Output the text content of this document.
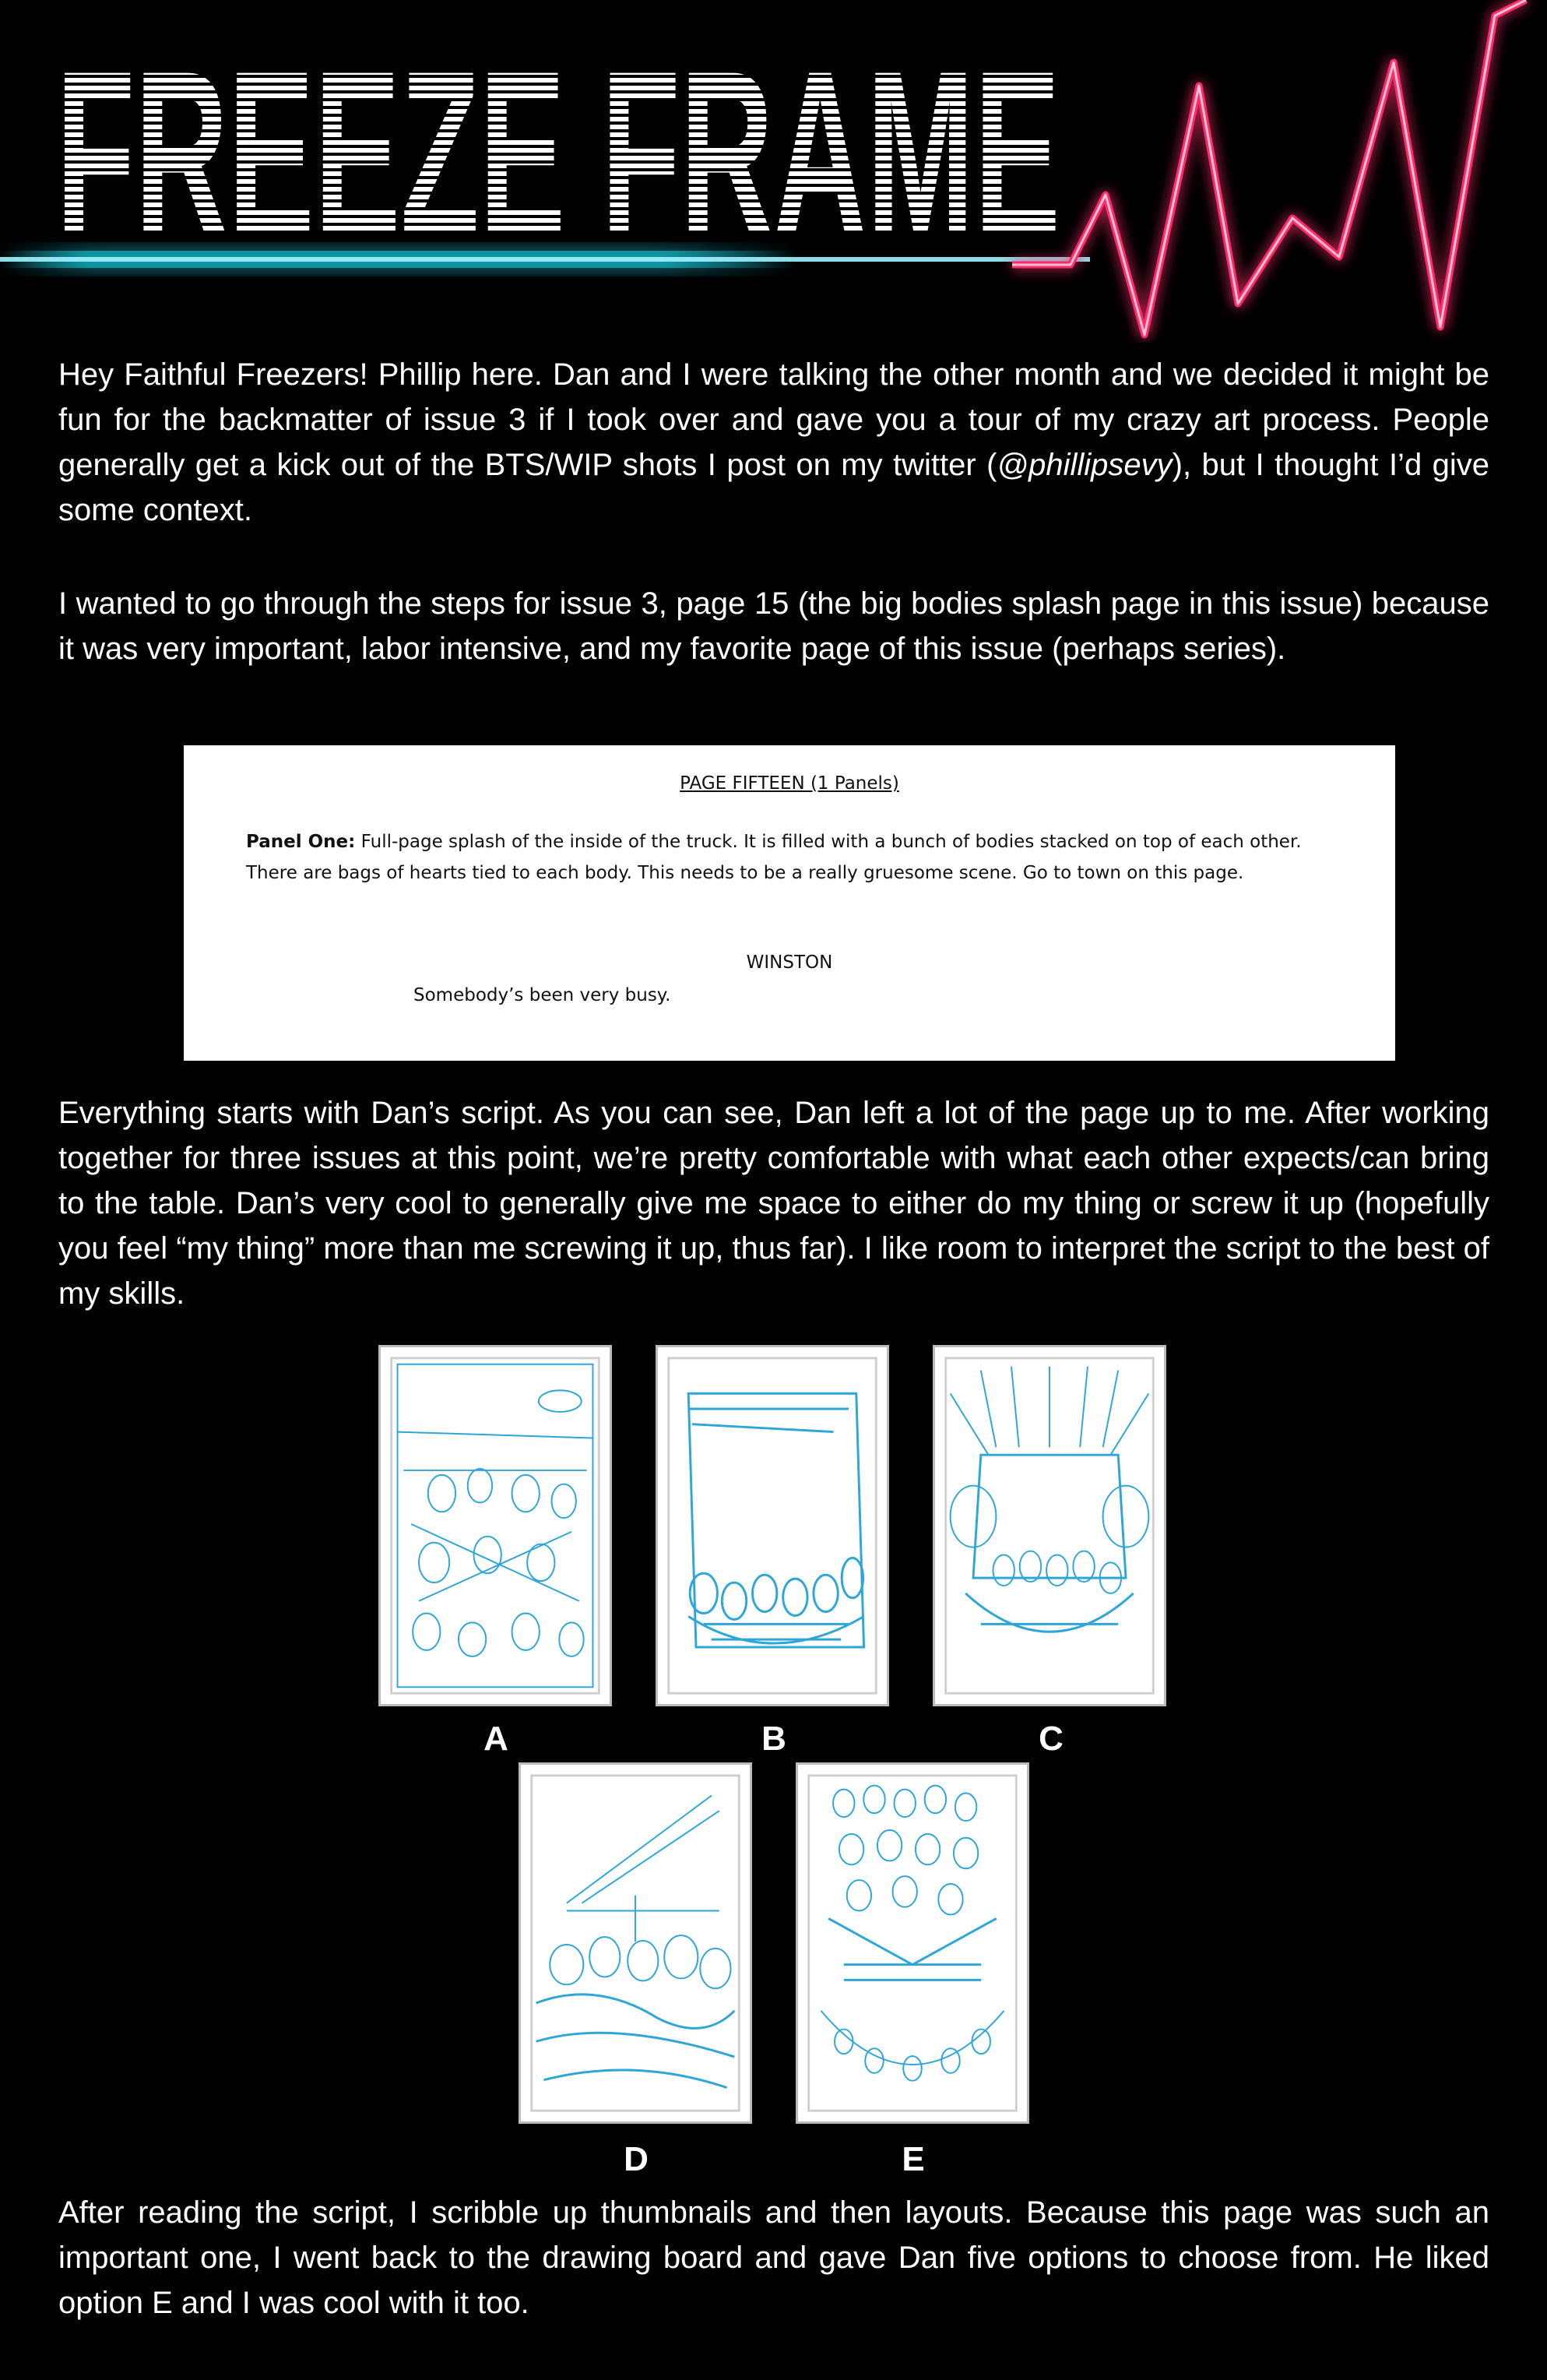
FREEZE FRAME

Hey Faithful Freezers! Phillip here. Dan and I were talking the other month and we decided it might be fun for the backmatter of issue 3 if I took over and gave you a tour of my crazy art process. People generally get a kick out of the BTS/WIP shots I post on my twitter (@phillipsevy), but I thought I’d give some context.

I wanted to go through the steps for issue 3, page 15 (the big bodies splash page in this issue) because it was very important, labor intensive, and my favorite page of this issue (perhaps series).

PAGE FIFTEEN (1 Panels)
Panel One: Full-page splash of the inside of the truck. It is filled with a bunch of bodies stacked on top of each other. There are bags of hearts tied to each body. This needs to be a really gruesome scene. Go to town on this page.
WINSTON
Somebody’s been very busy.

Everything starts with Dan’s script. As you can see, Dan left a lot of the page up to me. After working together for three issues at this point, we’re pretty comfortable with what each other expects/can bring to the table. Dan’s very cool to generally give me space to either do my thing or screw it up (hopefully you feel “my thing” more than me screwing it up, thus far). I like room to interpret the script to the best of my skills.

A	B	C
D	E

After reading the script, I scribble up thumbnails and then layouts. Because this page was such an important one, I went back to the drawing board and gave Dan five options to choose from. He liked option E and I was cool with it too.
